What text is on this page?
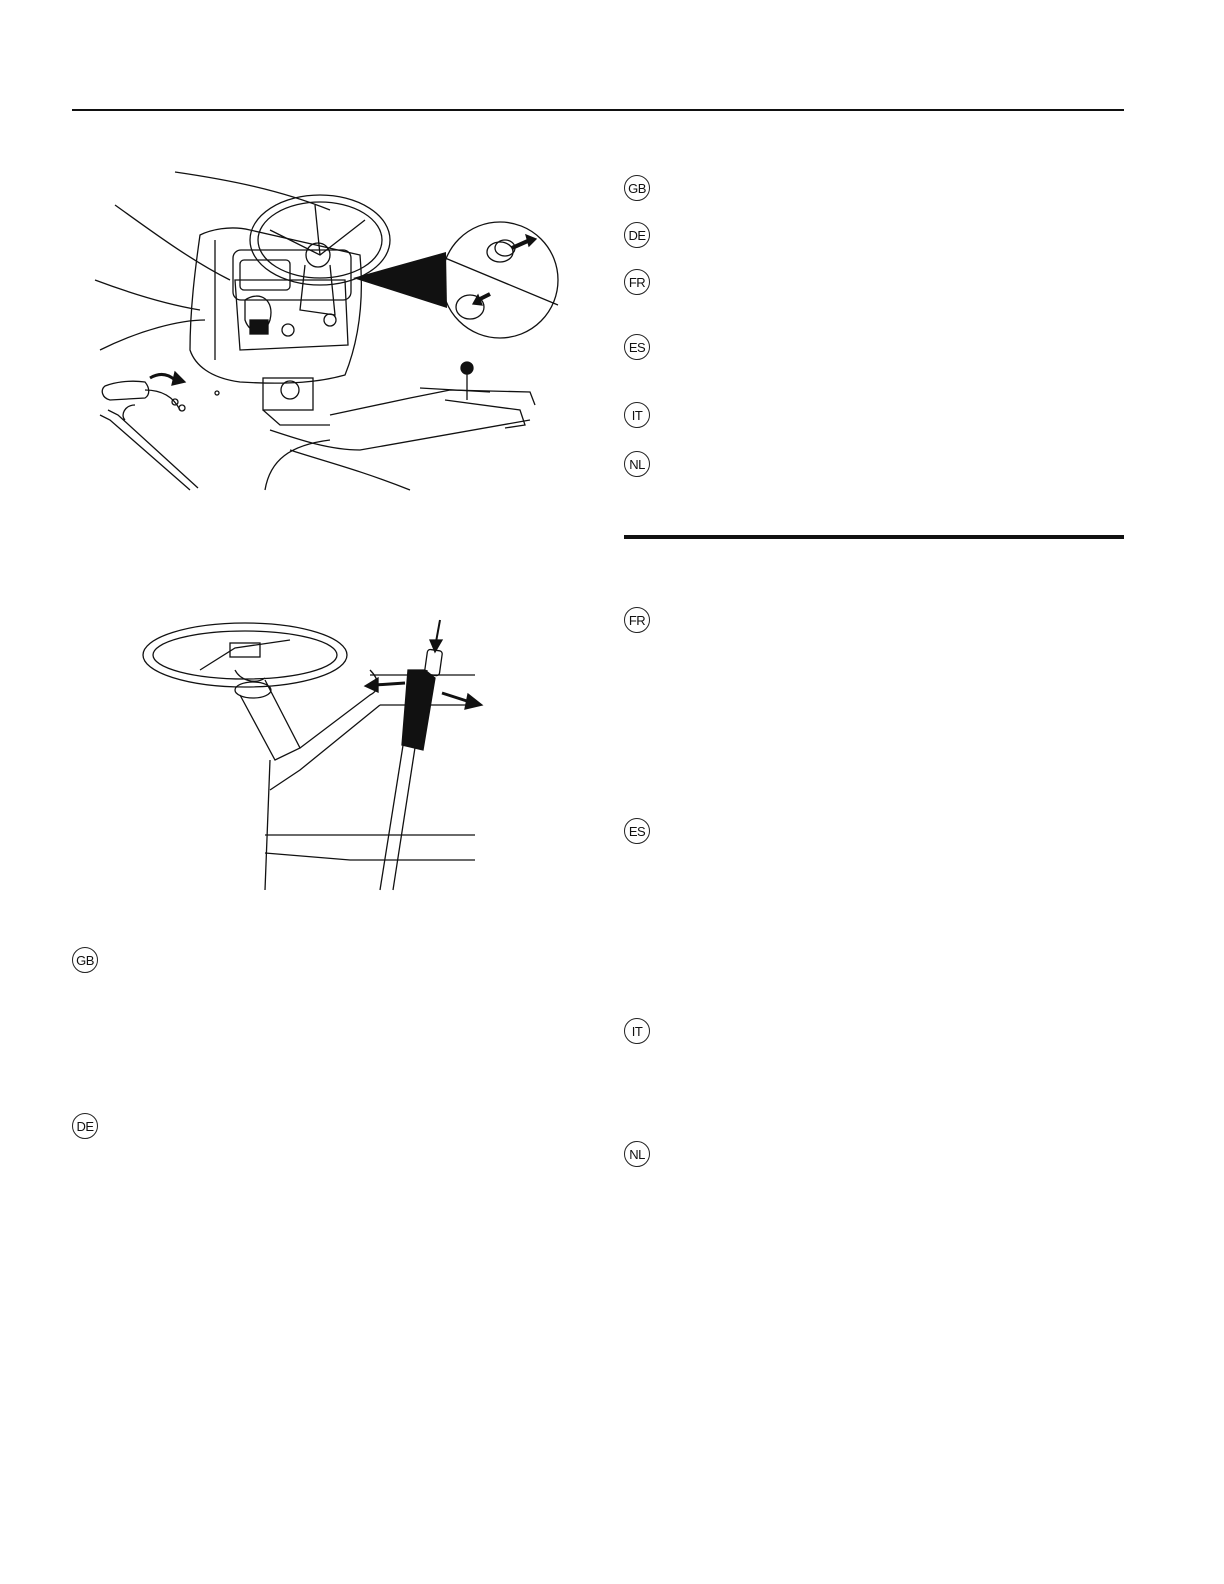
GB
DE
FR
ES
IT
NL
GB
DE
FR
ES
IT
NL
